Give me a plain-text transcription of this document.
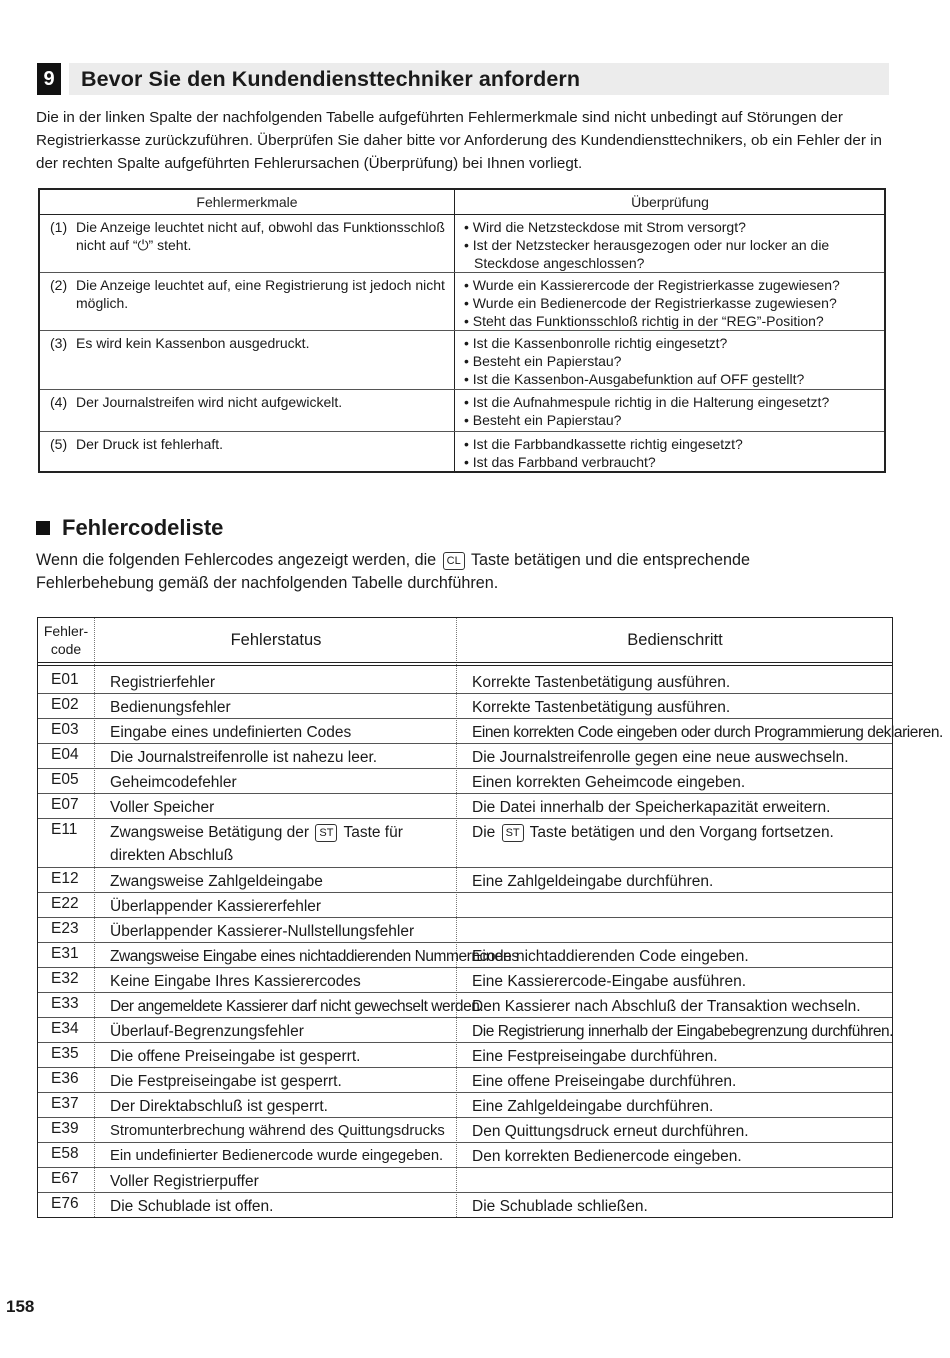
9	Bevor Sie den Kundendiensttechniker anfordern
Die in der linken Spalte der nachfolgenden Tabelle aufgeführten Fehlermerkmale sind nicht unbedingt auf Störungen der Registrierkasse zurückzuführen. Überprüfen Sie daher bitte vor Anforderung des Kundendiensttechnikers, ob ein Fehler der in der rechten Spalte aufgeführten Fehlerursachen (Überprüfung) bei Ihnen vorliegt.
Fehlermerkmale	Überprüfung
(1) Die Anzeige leuchtet nicht auf, obwohl das Funktionsschloß nicht auf “⏻” steht.
• Wird die Netzsteckdose mit Strom versorgt?
• Ist der Netzstecker herausgezogen oder nur locker an die Steckdose angeschlossen?
(2) Die Anzeige leuchtet auf, eine Registrierung ist jedoch nicht möglich.
• Wurde ein Kassierercode der Registrierkasse zugewiesen?
• Wurde ein Bedienercode der Registrierkasse zugewiesen?
• Steht das Funktionsschloß richtig in der “REG”-Position?
(3) Es wird kein Kassenbon ausgedruckt.	• Ist die Kassenbonrolle richtig eingesetzt?
• Besteht ein Papierstau?
• Ist die Kassenbon-Ausgabefunktion auf OFF gestellt?
(4) Der Journalstreifen wird nicht aufgewickelt.	• Ist die Aufnahmespule richtig in die Halterung eingesetzt?
• Besteht ein Papierstau?
(5) Der Druck ist fehlerhaft.	• Ist die Farbbandkassette richtig eingesetzt?
• Ist das Farbband verbraucht?
Fehlercodeliste
Wenn die folgenden Fehlercodes angezeigt werden, die CL Taste betätigen und die entsprechende
Fehlerbehebung gemäß der nachfolgenden Tabelle durchführen.
Fehler-
code
Fehlerstatus	Bedienschritt
E01 Registrierfehler	Korrekte Tastenbetätigung ausführen.
E02 Bedienungsfehler	Korrekte Tastenbetätigung ausführen.
E03 Eingabe eines undefinierten Codes	Einen korrekten Code eingeben oder durch Programmierung deklarieren.
E04 Die Journalstreifenrolle ist nahezu leer.	Die Journalstreifenrolle gegen eine neue auswechseln.
E05 Geheimcodefehler	Einen korrekten Geheimcode eingeben.
E07 Voller Speicher	Die Datei innerhalb der Speicherkapazität erweitern.
E11 Zwangsweise Betätigung der ST Taste für
direkten Abschluß
Die ST Taste betätigen und den Vorgang fortsetzen.
E12 Zwangsweise Zahlgeldeingabe	Eine Zahlgeldeingabe durchführen.
E22 Überlappender Kassiererfehler
E23 Überlappender Kassierer-Nullstellungsfehler
E31 Zwangsweise Eingabe eines nichtaddierenden Nummerncodes
Einen nichtaddierenden Code eingeben.
E32 Keine Eingabe Ihres Kassierercodes	Eine Kassierercode-Eingabe ausführen.
E33 Der angemeldete Kassierer darf nicht gewechselt werden.
Den Kassierer nach Abschluß der Transaktion wechseln.
E34 Überlauf-Begrenzungsfehler	Die Registrierung innerhalb der Eingabebegrenzung durchführen.
E35 Die offene Preiseingabe ist gesperrt.	Eine Festpreiseingabe durchführen.
E36 Die Festpreiseingabe ist gesperrt.	Eine offene Preiseingabe durchführen.
E37 Der Direktabschluß ist gesperrt.	Eine Zahlgeldeingabe durchführen.
E39 Stromunterbrechung während des Quittungsdrucks	Den Quittungsdruck erneut durchführen.
E58 Ein undefinierter Bedienercode wurde eingegeben.	Den korrekten Bedienercode eingeben.
E67 Voller Registrierpuffer
E76 Die Schublade ist offen.	Die Schublade schließen.
158
